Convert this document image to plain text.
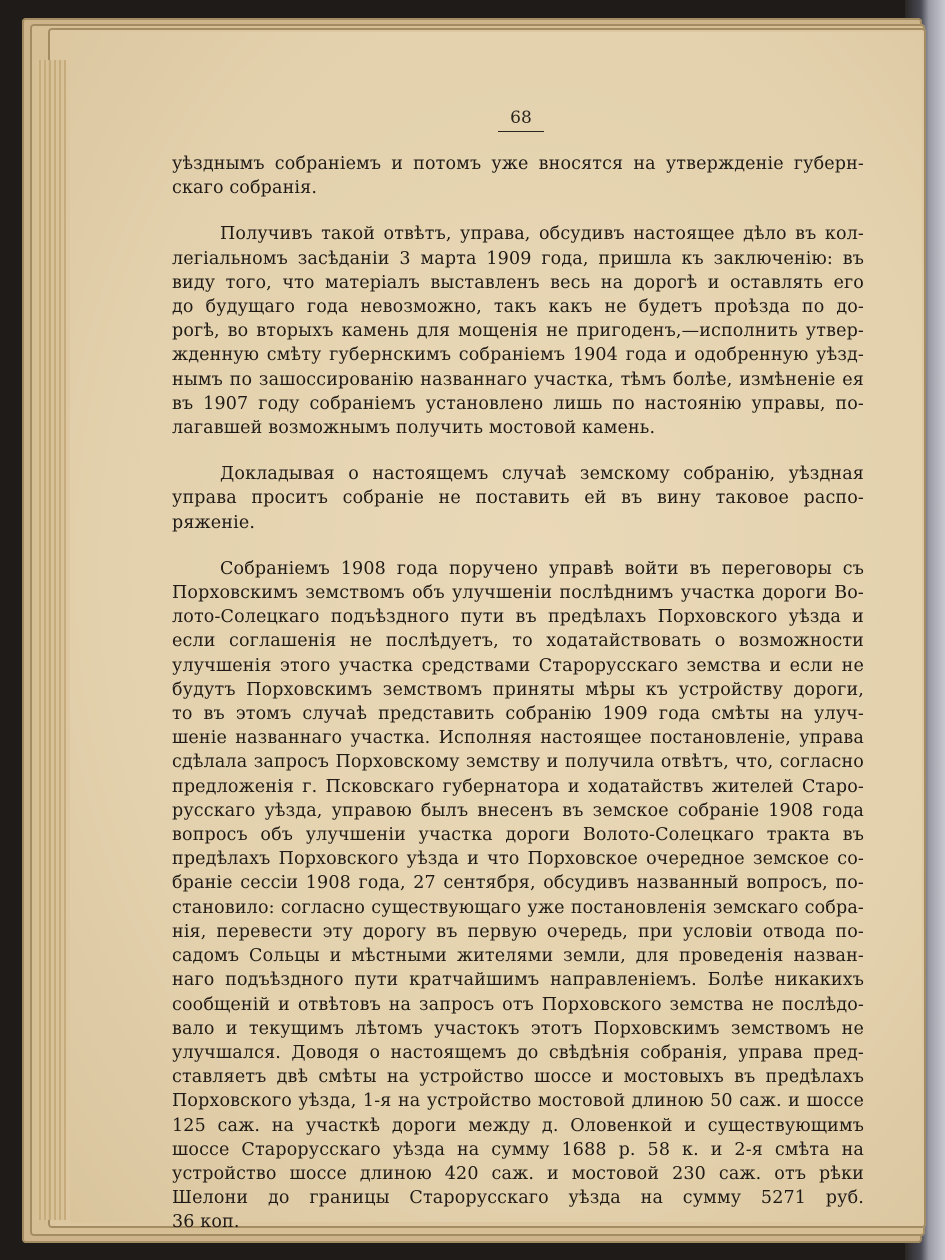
68

уѣзднымъ собраніемъ и потомъ уже вносятся на утвержденіе губерн-

скаго собранія.

Получивъ такой отвѣтъ, управа, обсудивъ настоящее дѣло въ кол-

легіальномъ засѣданіи 3 марта 1909 года, пришла къ заключенію: въ

виду того, что матеріалъ выставленъ весь на дорогѣ и оставлять его

до будущаго года невозможно, такъ какъ не будетъ проѣзда по до-

рогѣ, во вторыхъ камень для мощенія не пригоденъ,—исполнить утвер-

жденную смѣту губернскимъ собраніемъ 1904 года и одобренную уѣзд-

нымъ по зашоссированію названнаго участка, тѣмъ болѣе, измѣненіе ея

въ 1907 году собраніемъ установлено лишь по настоянію управы, по-

лагавшей возможнымъ получить мостовой камень.

Докладывая о настоящемъ случаѣ земскому собранію, уѣздная

управа проситъ собраніе не поставить ей въ вину таковое распо-

ряженіе.

Собраніемъ 1908 года поручено управѣ войти въ переговоры съ

Порховскимъ земствомъ объ улучшеніи послѣднимъ участка дороги Во-

лото-Солецкаго подъѣздного пути въ предѣлахъ Порховского уѣзда и

если соглашенія не послѣдуетъ, то ходатайствовать о возможности

улучшенія этого участка средствами Старорусскаго земства и если не

будутъ Порховскимъ земствомъ приняты мѣры къ устройству дороги,

то въ этомъ случаѣ представить собранію 1909 года смѣты на улуч-

шеніе названнаго участка. Исполняя настоящее постановленіе, управа

сдѣлала запросъ Порховскому земству и получила отвѣтъ, что, согласно

предложенія г. Псковскаго губернатора и ходатайствъ жителей Старо-

русскаго уѣзда, управою былъ внесенъ въ земское собраніе 1908 года

вопросъ объ улучшеніи участка дороги Волото-Солецкаго тракта въ

предѣлахъ Порховского уѣзда и что Порховское очередное земское со-

браніе сессіи 1908 года, 27 сентября, обсудивъ названный вопросъ, по-

становило: согласно существующаго уже постановленія земскаго собра-

нія, перевести эту дорогу въ первую очередь, при условіи отвода по-

садомъ Сольцы и мѣстными жителями земли, для проведенія назван-

наго подъѣздного пути кратчайшимъ направленіемъ. Болѣе никакихъ

сообщеній и отвѣтовъ на запросъ отъ Порховского земства не послѣдо-

вало и текущимъ лѣтомъ участокъ этотъ Порховскимъ земствомъ не

улучшался. Доводя о настоящемъ до свѣдѣнія собранія, управа пред-

ставляетъ двѣ смѣты на устройство шоссе и мостовыхъ въ предѣлахъ

Порховского уѣзда, 1-я на устройство мостовой длиною 50 саж. и шоссе

125 саж. на участкѣ дороги между д. Оловенкой и существующимъ

шоссе Старорусскаго уѣзда на сумму 1688 р. 58 к. и 2-я смѣта на

устройство шоссе длиною 420 саж. и мостовой 230 саж. отъ рѣки

Шелони до границы Старорусскаго уѣзда на сумму 5271 руб.

36 коп.
